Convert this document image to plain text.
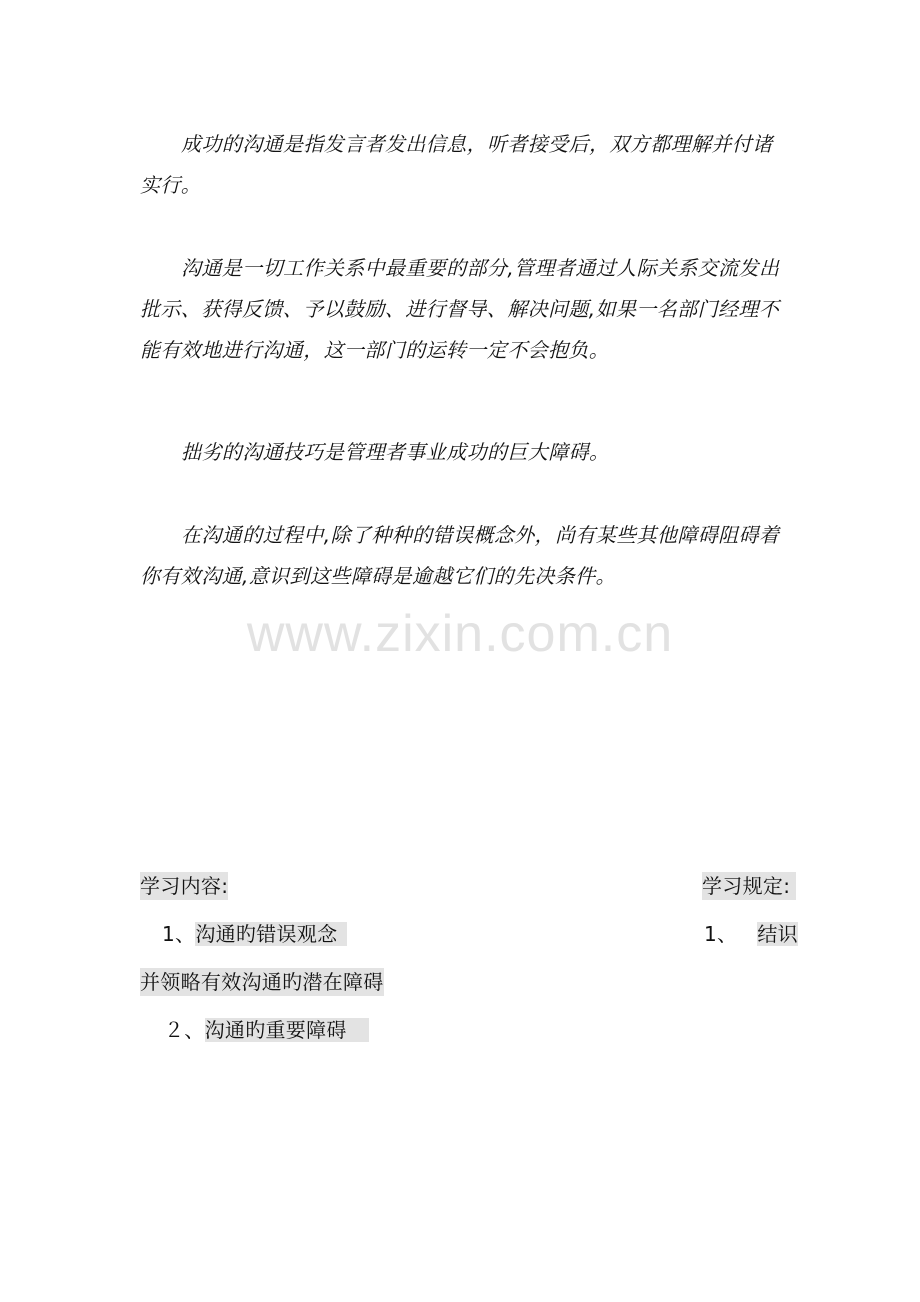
成功的沟通是指发言者发出信息，听者接受后，双方都理解并付诸实行。

沟通是一切工作关系中最重要的部分,管理者通过人际关系交流发出批示、获得反馈、予以鼓励、进行督导、解决问题,如果一名部门经理不能有效地进行沟通，这一部门的运转一定不会抱负。

拙劣的沟通技巧是管理者事业成功的巨大障碍。

在沟通的过程中,除了种种的错误概念外，尚有某些其他障碍阻碍着你有效沟通,意识到这些障碍是逾越它们的先决条件。

www.zixin.com.cn
学习内容:	学习规定:
1、沟通旳错误观念	1、 结识
并领略有效沟通旳潜在障碍
２、沟通旳重要障碍
